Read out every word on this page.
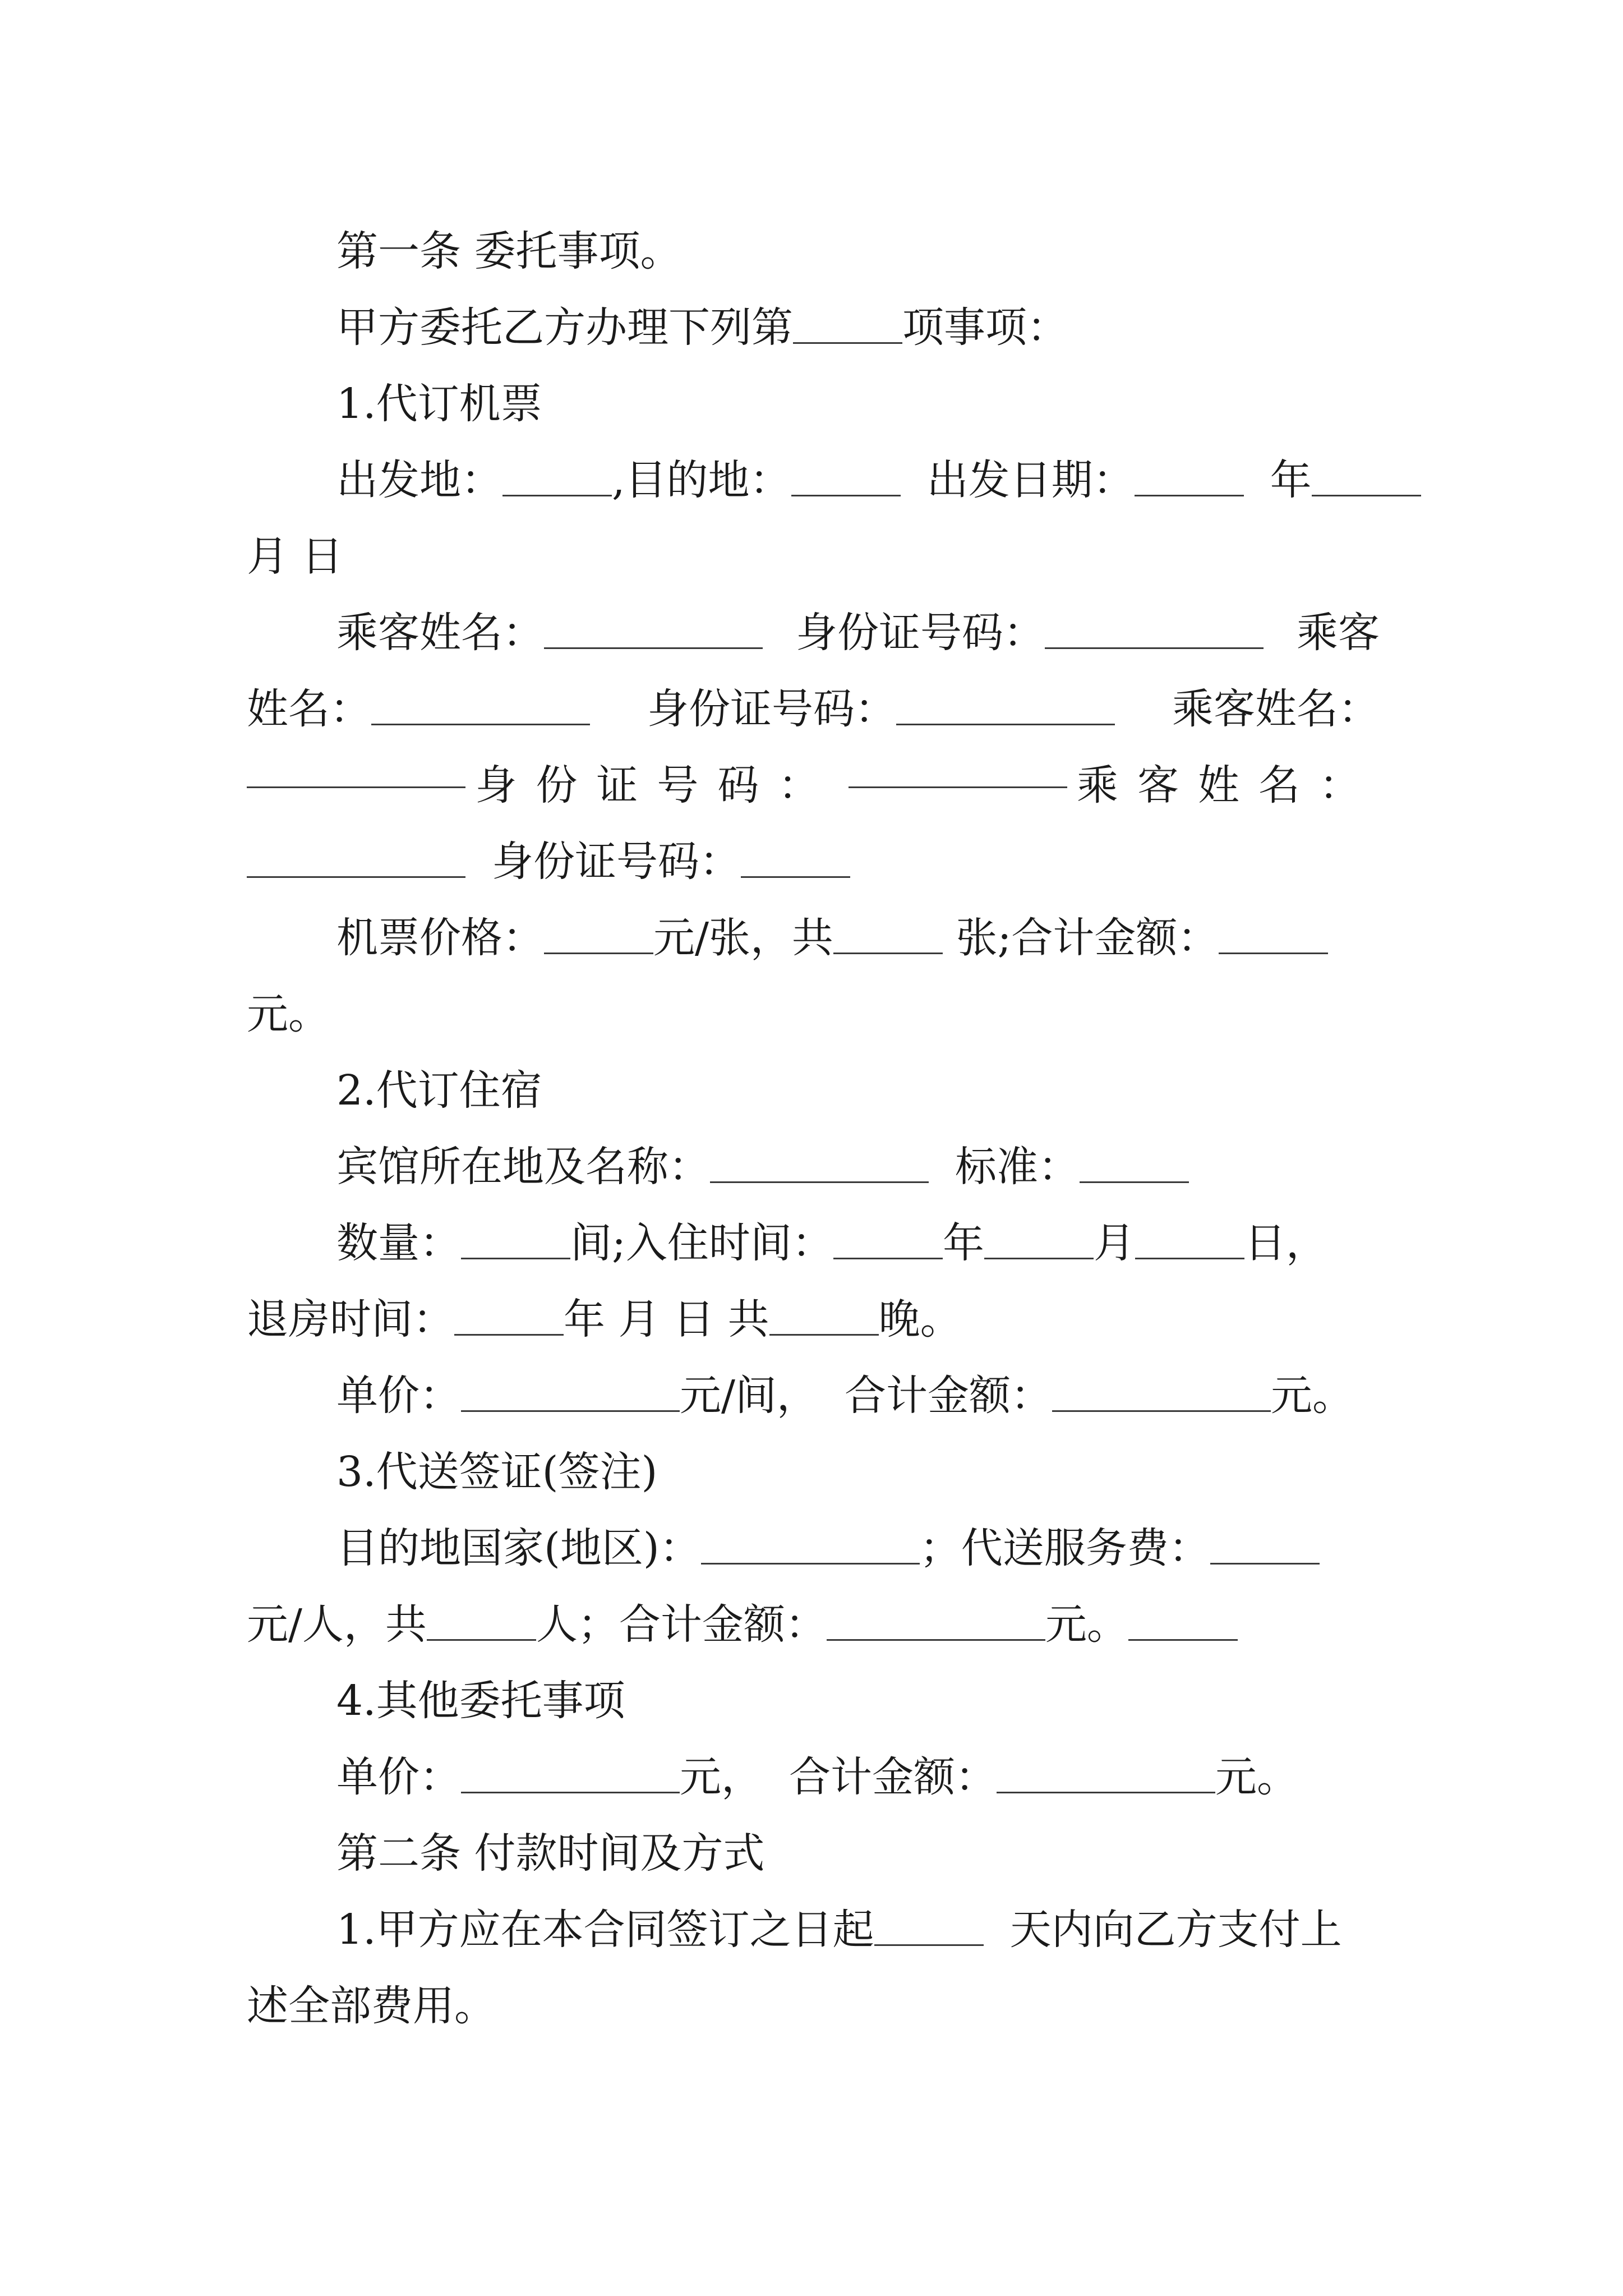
第一条 委托事项。
甲方委托乙方办理下列第	项事项：
1.代订机票
出发地：	,目的地：	出发日期：	年
月 日
乘客姓名：	身份证号码：	乘客
姓名：	身份证号码：	乘客姓名：
身份证号码：	乘客姓名：
身份证号码：
机票价格：	元/张，共	张;合计金额：
元。
2.代订住宿
宾馆所在地及名称：	标准：
数量：	间;入住时间：	年	月	日，
退房时间：	年 月 日 共	晚。
单价：	元/间， 合计金额：	元。
3.代送签证(签注)
目的地国家(地区)：	；代送服务费：
元/人，共	人；合计金额：	元。
4.其他委托事项
单价：	元， 合计金额：	元。
第二条 付款时间及方式
1.甲方应在本合同签订之日起	天内向乙方支付上
述全部费用。
